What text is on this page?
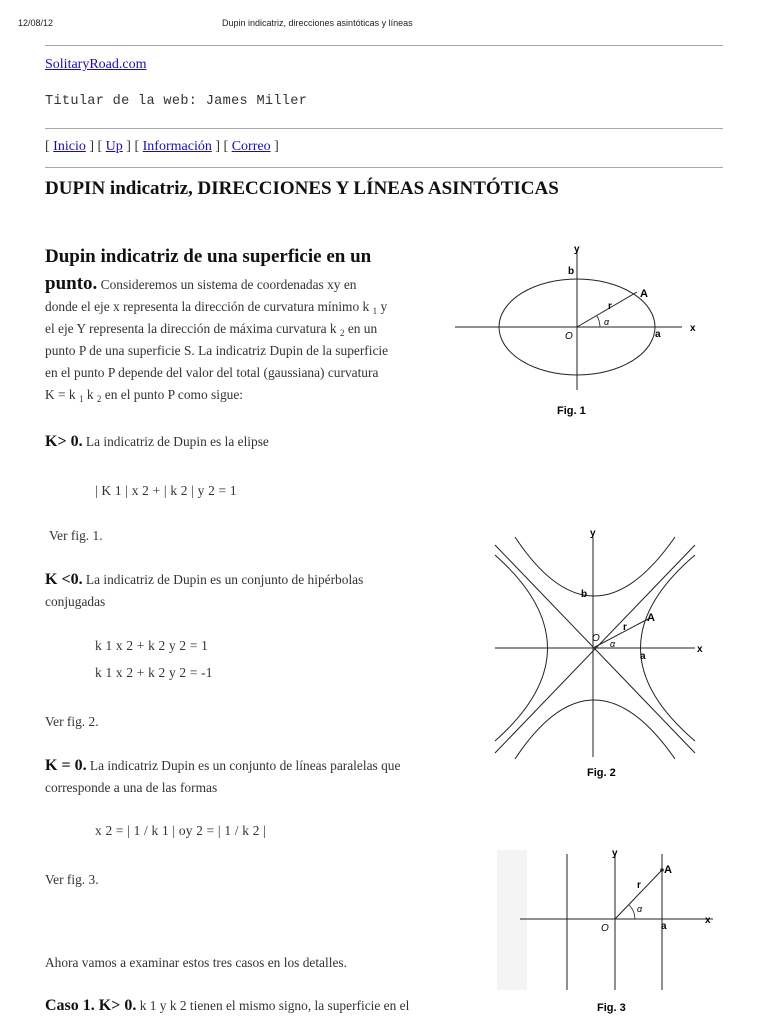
12/08/12	Dupin indicatriz, direcciones asintóticas y líneas
SolitaryRoad.com
Titular de la web: James Miller
[ Inicio ] [ Up ] [ Información ] [ Correo ]
DUPIN indicatriz, DIRECCIONES Y LÍNEAS ASINTÓTICAS
Dupin indicatriz de una superficie en un
punto. Consideremos un sistema de coordenadas xy en
donde el eje x representa la dirección de curvatura mínimo k $_1$ y
el eje Y representa la dirección de máxima curvatura k $_2$ en un
punto P de una superficie S. La indicatriz Dupin de la superficie
en el punto P depende del valor del total (gaussiana) curvatura
K = k $_1$ k $_2$ en el punto P como sigue:
K> 0. La indicatriz de Dupin es la elipse
| K 1 | x 2 + | k 2 | y 2 = 1
Ver fig. 1.
K <0. La indicatriz de Dupin es un conjunto de hipérbolas
conjugadas
k 1 x 2 + k 2 y 2 = 1
k 1 x 2 + k 2 y 2 = -1
Ver fig. 2.
K = 0. La indicatriz Dupin es un conjunto de líneas paralelas que
corresponde a una de las formas
x 2 = | 1 / k 1 | oy 2 = | 1 / k 2 |
Ver fig. 3.
Ahora vamos a examinar estos tres casos en los detalles.
Caso 1. K> 0. k 1 y k 2 tienen el mismo signo, la superficie en el
y
x
b
a
A
r
α
O
Fig. 1
y
x
b
a
A
r
α
O
Fig. 2
y
x
a
A
r
α
O
Fig. 3
